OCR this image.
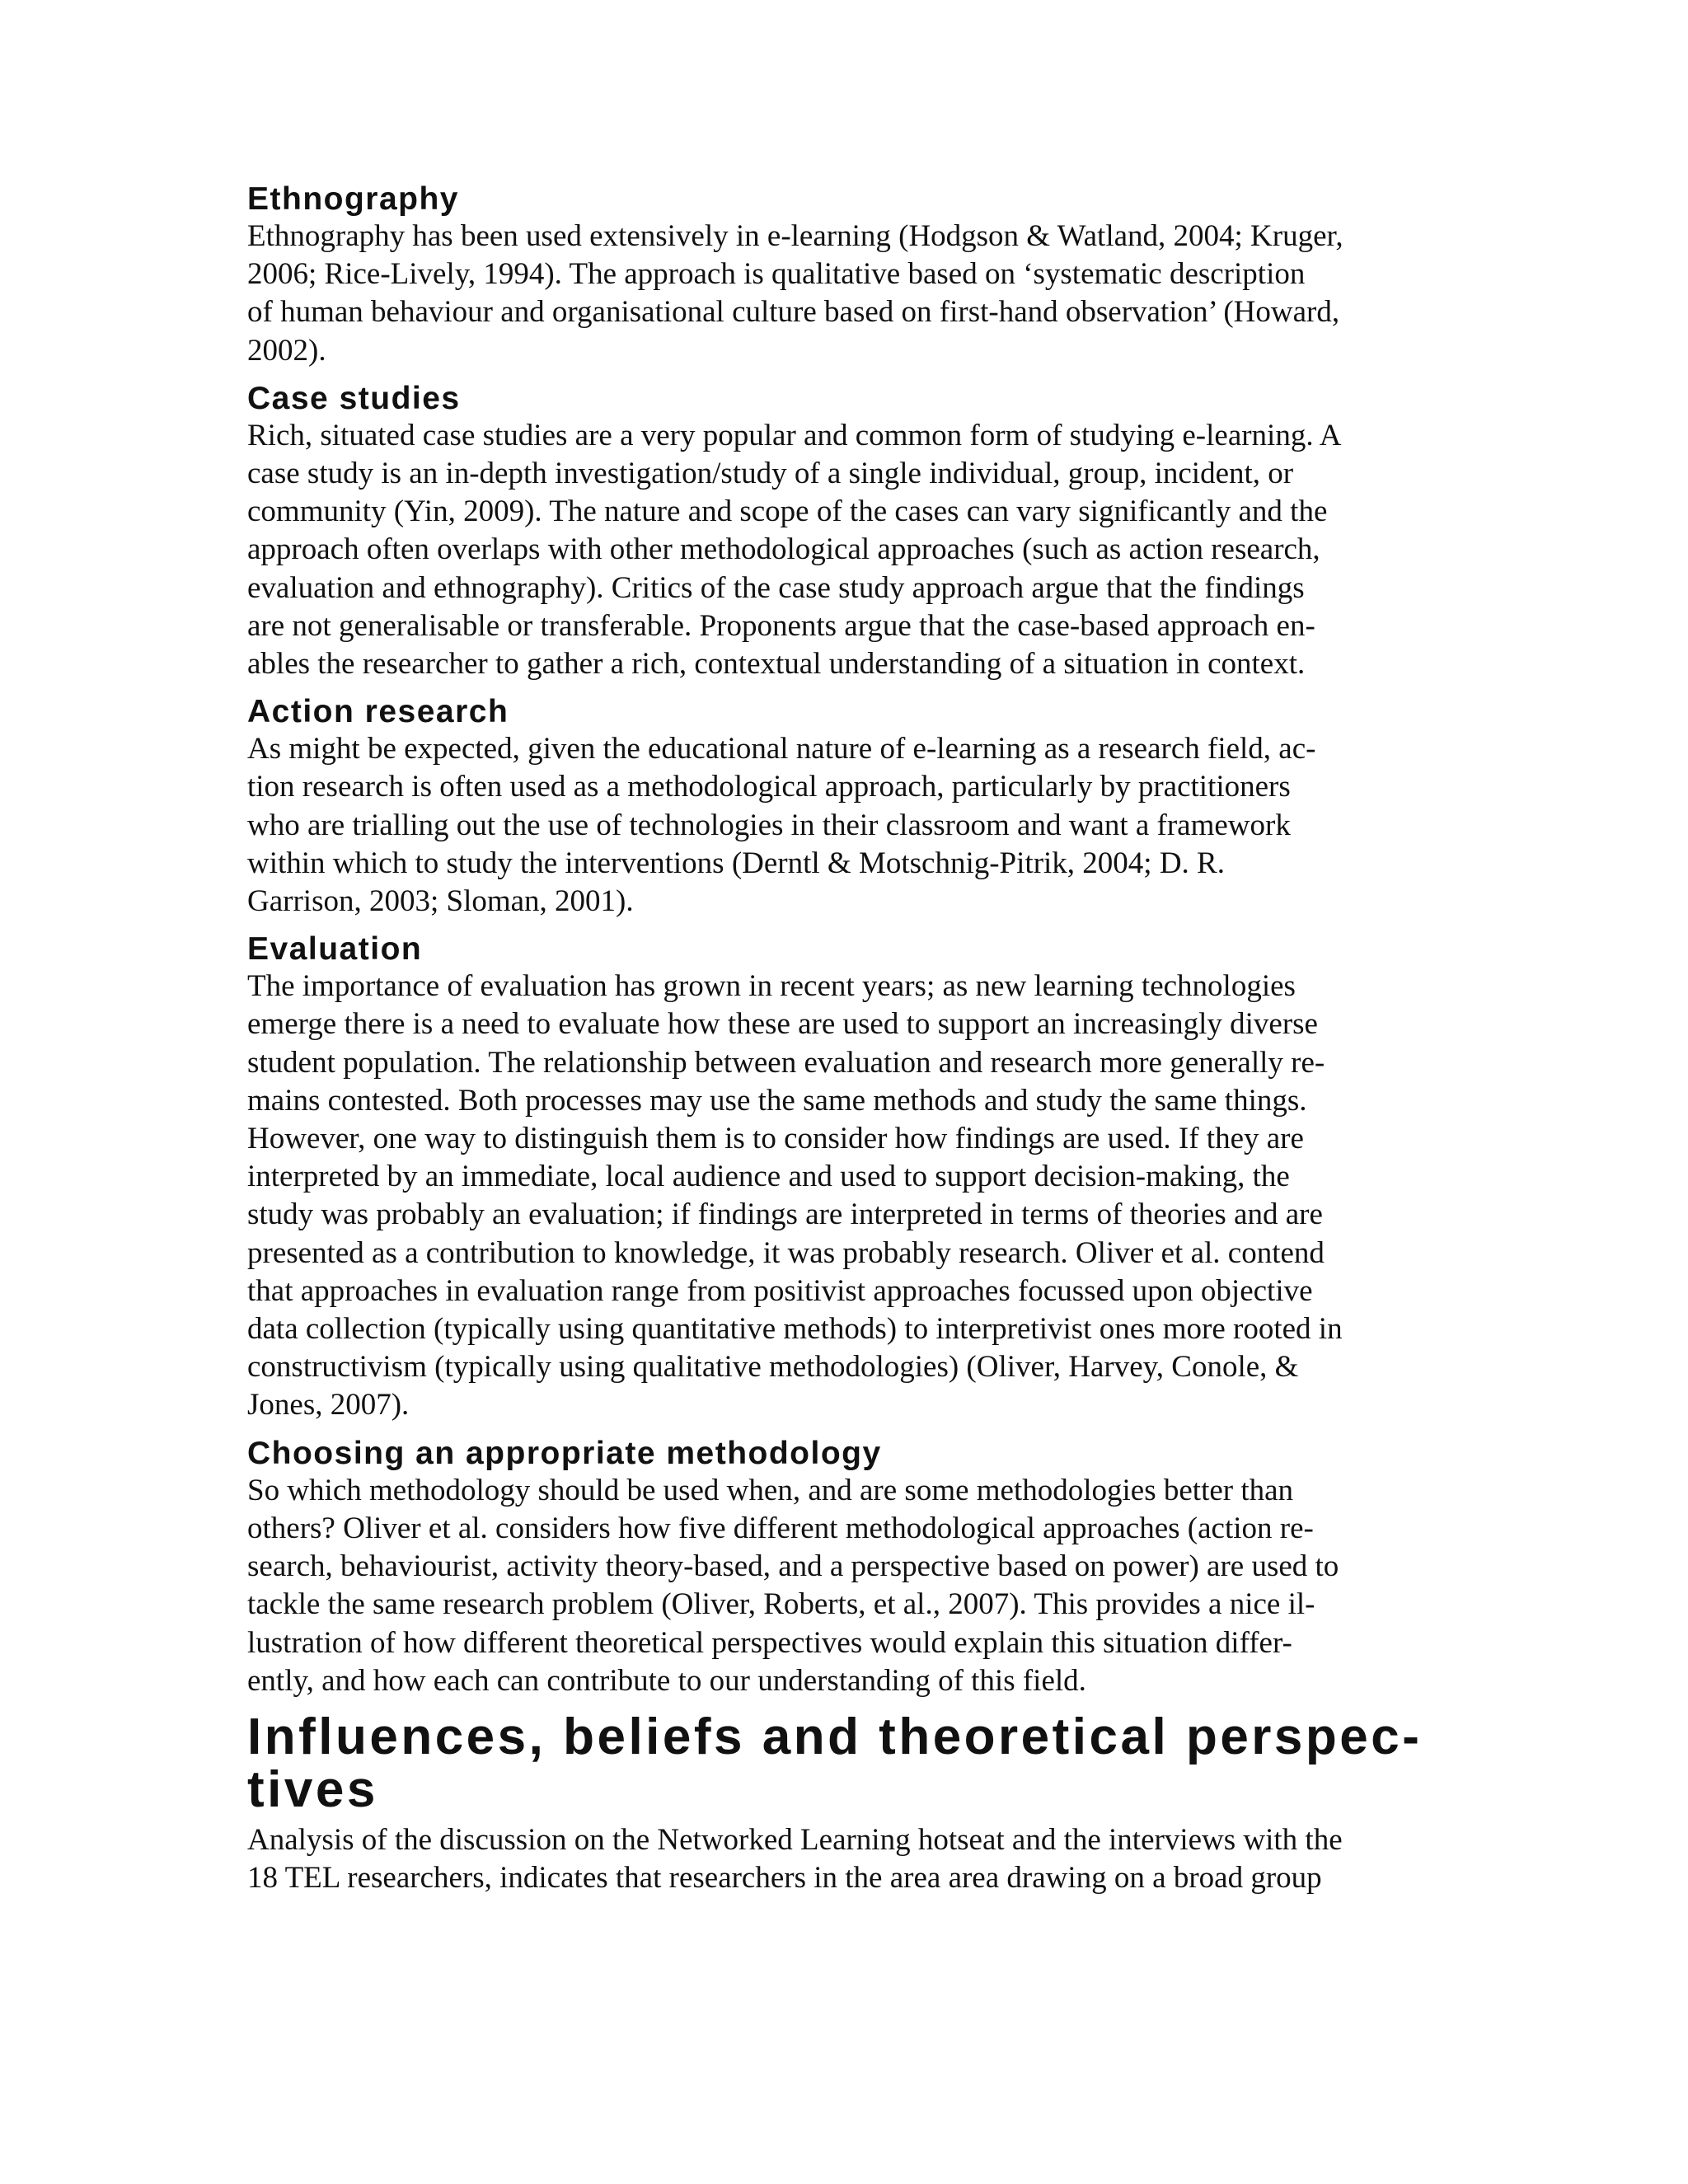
Ethnography

Ethnography has been used extensively in e-learning (Hodgson & Watland, 2004; Kruger,
2006; Rice-Lively, 1994). The approach is qualitative based on ‘systematic description
of human behaviour and organisational culture based on first-hand observation’ (Howard,
2002).

Case studies

Rich, situated case studies are a very popular and common form of studying e-learning. A
case study is an in-depth investigation/study of a single individual, group, incident, or
community (Yin, 2009). The nature and scope of the cases can vary significantly and the
approach often overlaps with other methodological approaches (such as action research,
evaluation and ethnography). Critics of the case study approach argue that the findings
are not generalisable or transferable. Proponents argue that the case-based approach en-
ables the researcher to gather a rich, contextual understanding of a situation in context.

Action research

As might be expected, given the educational nature of e-learning as a research field, ac-
tion research is often used as a methodological approach, particularly by practitioners
who are trialling out the use of technologies in their classroom and want a framework
within which to study the interventions (Derntl & Motschnig-Pitrik, 2004; D. R.
Garrison, 2003; Sloman, 2001).

Evaluation

The importance of evaluation has grown in recent years; as new learning technologies
emerge there is a need to evaluate how these are used to support an increasingly diverse
student population. The relationship between evaluation and research more generally re-
mains contested. Both processes may use the same methods and study the same things.
However, one way to distinguish them is to consider how findings are used. If they are
interpreted by an immediate, local audience and used to support decision-making, the
study was probably an evaluation; if findings are interpreted in terms of theories and are
presented as a contribution to knowledge, it was probably research. Oliver et al. contend
that approaches in evaluation range from positivist approaches focussed upon objective
data collection (typically using quantitative methods) to interpretivist ones more rooted in
constructivism (typically using qualitative methodologies) (Oliver, Harvey, Conole, &
Jones, 2007).

Choosing an appropriate methodology

So which methodology should be used when, and are some methodologies better than
others? Oliver et al. considers how five different methodological approaches (action re-
search, behaviourist, activity theory-based, and a perspective based on power) are used to
tackle the same research problem (Oliver, Roberts, et al., 2007). This provides a nice il-
lustration of how different theoretical perspectives would explain this situation differ-
ently, and how each can contribute to our understanding of this field.

Influences, beliefs and theoretical perspec-
tives

Analysis of the discussion on the Networked Learning hotseat and the interviews with the
18 TEL researchers, indicates that researchers in the area area drawing on a broad group
